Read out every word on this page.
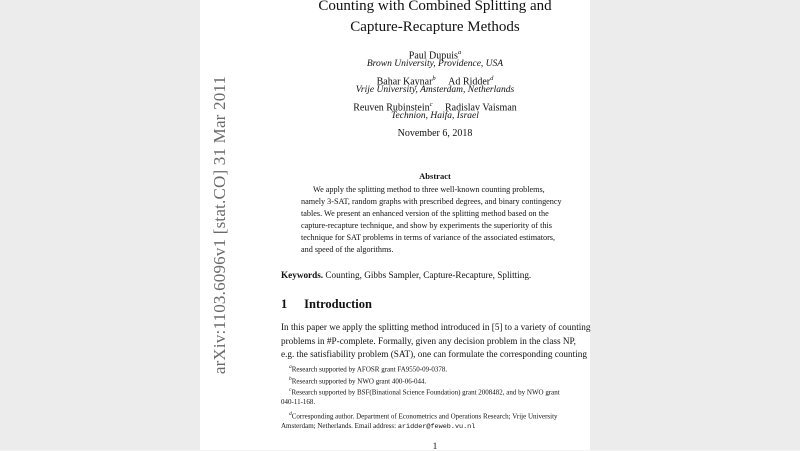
arXiv:1103.6096v1 [stat.CO] 31 Mar 2011
Counting with Combined Splitting and
Capture-Recapture Methods
Paul Dupuis$^a$
Brown University, Providence, USA
Bahar Kaynar$^b$ Ad Ridder$^d$
Vrije University, Amsterdam, Netherlands
Reuven Rubinstein$^c$ Radislav Vaisman
Technion, Haifa, Israel
November 6, 2018
Abstract
We apply the splitting method to three well-known counting problems,
namely 3-SAT, random graphs with prescribed degrees, and binary contingency
tables. We present an enhanced version of the splitting method based on the
capture-recapture technique, and show by experiments the superiority of this
technique for SAT problems in terms of variance of the associated estimators,
and speed of the algorithms.
Keywords. Counting, Gibbs Sampler, Capture-Recapture, Splitting.
1 Introduction
In this paper we apply the splitting method introduced in [5] to a variety of counting
problems in #P-complete. Formally, given any decision problem in the class NP,
e.g. the satisfiability problem (SAT), one can formulate the corresponding counting
$^a$Research supported by AFOSR grant FA9550-09-0378.
$^b$Research supported by NWO grant 400-06-044.
$^c$Research supported by BSF(Binational Science Foundation) grant 2008482, and by NWO grant
040-11-168.
$^d$Corresponding author. Department of Econometrics and Operations Research; Vrije University
Amsterdam; Netherlands. Email address: aridder@feweb.vu.nl
1
